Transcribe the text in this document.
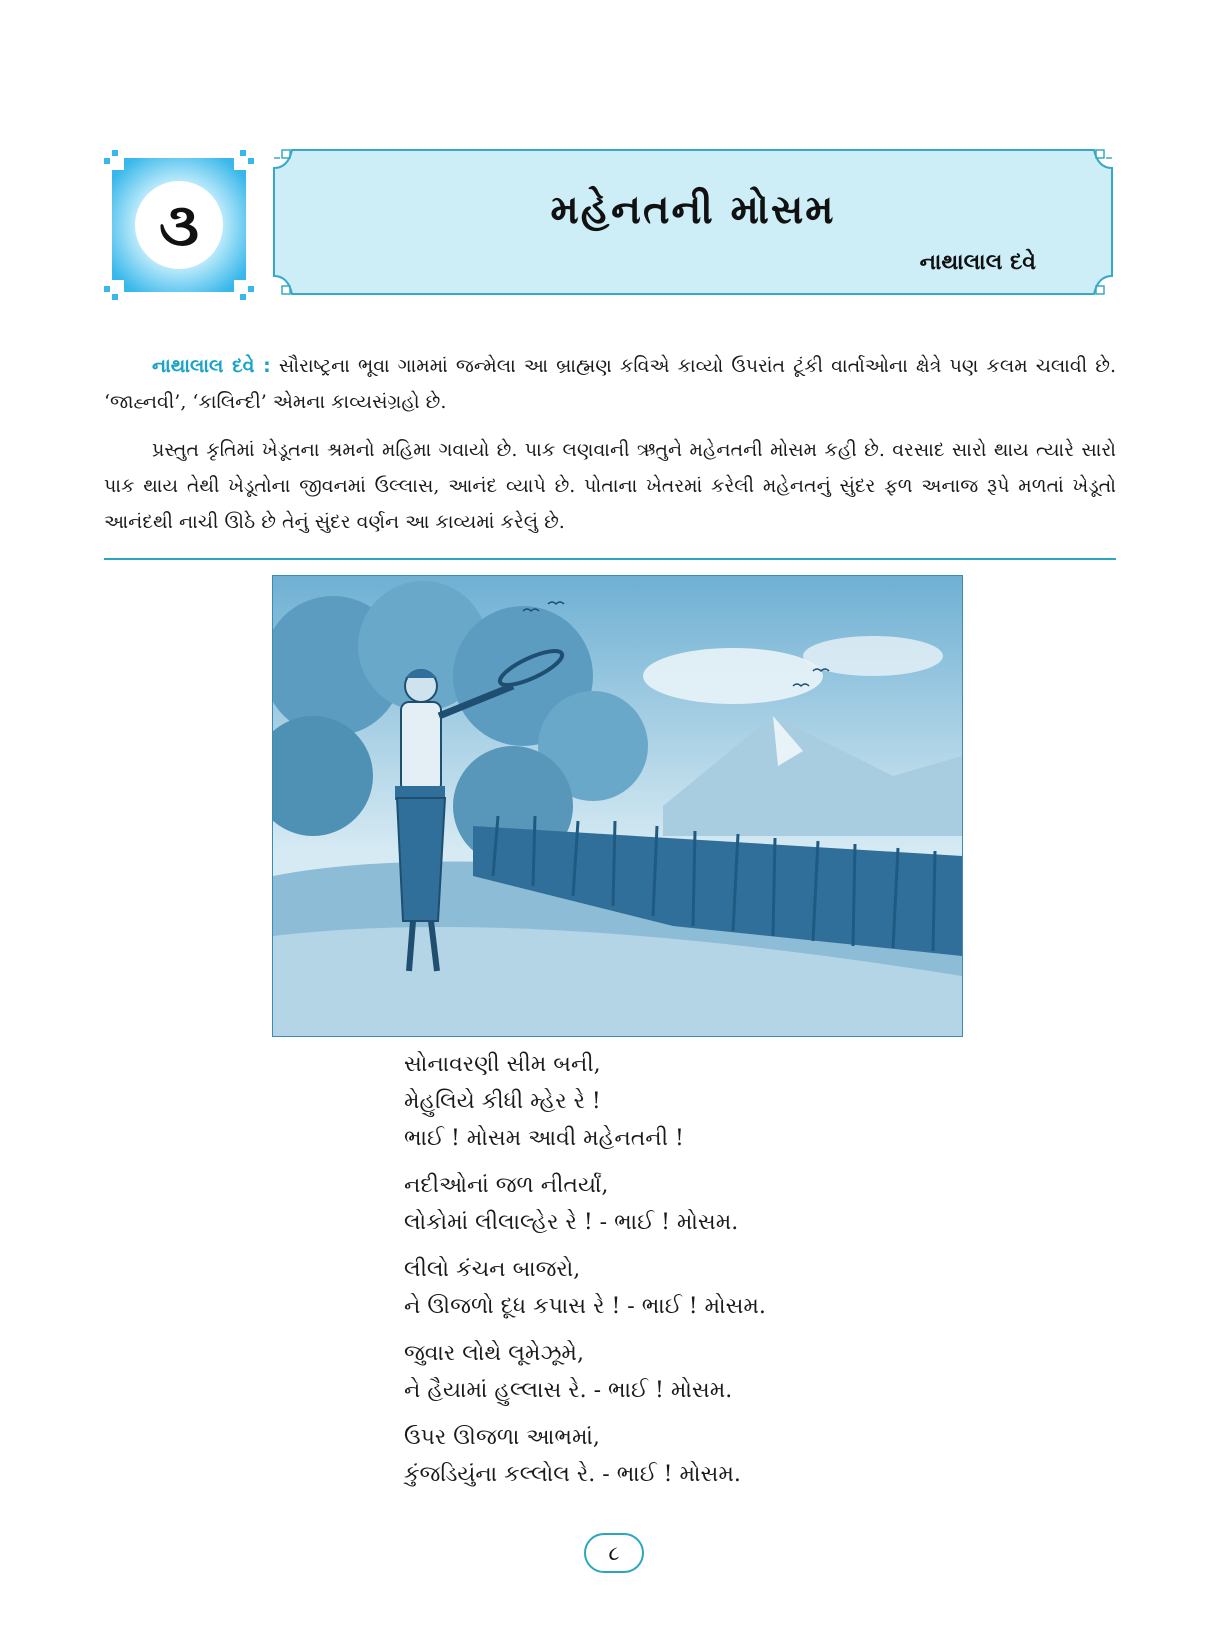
૩	મહેનતની મોસમ
નાથાલાલ દવે

નાથાલાલ દવે : સૌરાષ્ટ્રના ભૂવા ગામમાં જન્મેલા આ બ્રાહ્મણ કવિએ કાવ્યો ઉપરાંત ટૂંકી વાર્તાઓના ક્ષેત્રે પણ કલમ ચલાવી છે. ‘જાહ્નવી’, ‘કાલિન્દી’ એમના કાવ્યસંગ્રહો છે.

પ્રસ્તુત કૃતિમાં ખેડૂતના શ્રમનો મહિમા ગવાયો છે. પાક લણવાની ઋતુને મહેનતની મોસમ કહી છે. વરસાદ સારો થાય ત્યારે સારો પાક થાય તેથી ખેડૂતોના જીવનમાં ઉલ્લાસ, આનંદ વ્યાપે છે. પોતાના ખેતરમાં કરેલી મહેનતનું સુંદર ફળ અનાજ રૂપે મળતાં ખેડૂતો આનંદથી નાચી ઊઠે છે તેનું સુંદર વર્ણન આ કાવ્યમાં કરેલું છે.

સોનાવરણી સીમ બની,
મેહુલિયે કીધી મ્હેર રે !
ભાઈ ! મોસમ આવી મહેનતની !
નદીઓનાં જળ નીતર્યાં,
લોકોમાં લીલાલ્હેર રે ! - ભાઈ ! મોસમ.
લીલો કંચન બાજરો,
ને ઊજળો દૂધ કપાસ રે ! - ભાઈ ! મોસમ.
જુવાર લોથે લૂમેઝૂમે,
ને હૈયામાં હુલ્લાસ રે. - ભાઈ ! મોસમ.
ઉપર ઊજળા આભમાં,
કુંજડિયુંના કલ્લોલ રે. - ભાઈ ! મોસમ.
૮
